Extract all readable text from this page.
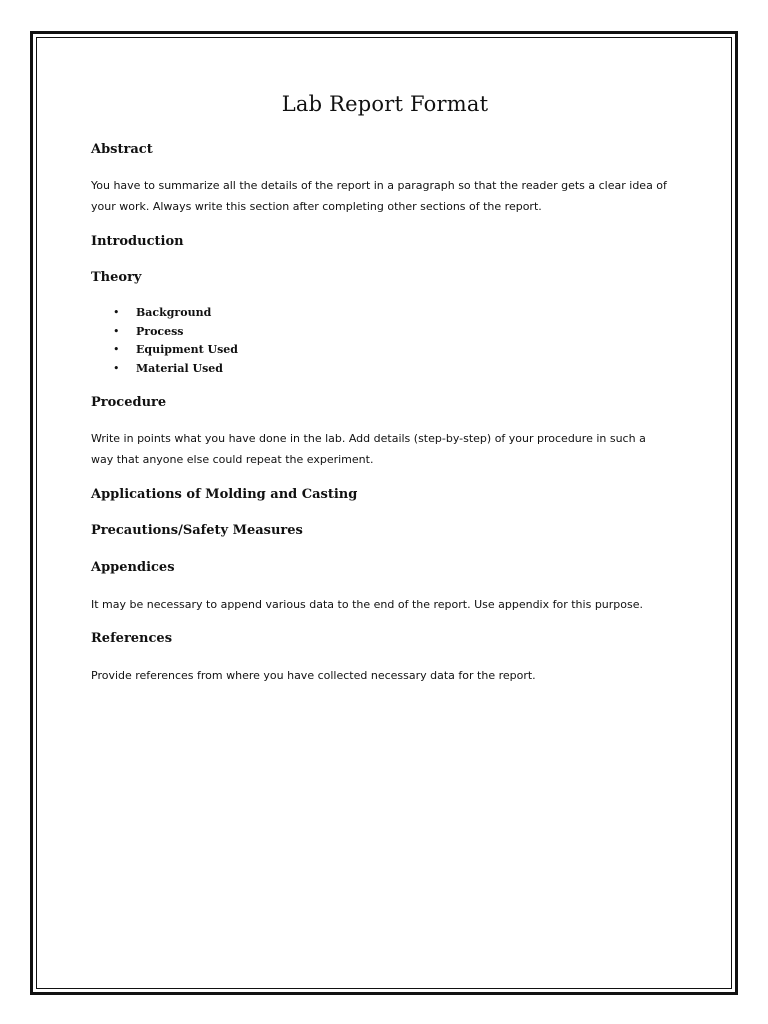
Lab Report Format
Abstract

You have to summarize all the details of the report in a paragraph so that the reader gets a clear idea of

your work. Always write this section after completing other sections of the report.

Introduction
Theory
• Background
• Process
• Equipment Used
• Material Used
Procedure

Write in points what you have done in the lab. Add details (step-by-step) of your procedure in such a

way that anyone else could repeat the experiment.

Applications of Molding and Casting
Precautions/Safety Measures
Appendices

It may be necessary to append various data to the end of the report. Use appendix for this purpose.

References

Provide references from where you have collected necessary data for the report.
